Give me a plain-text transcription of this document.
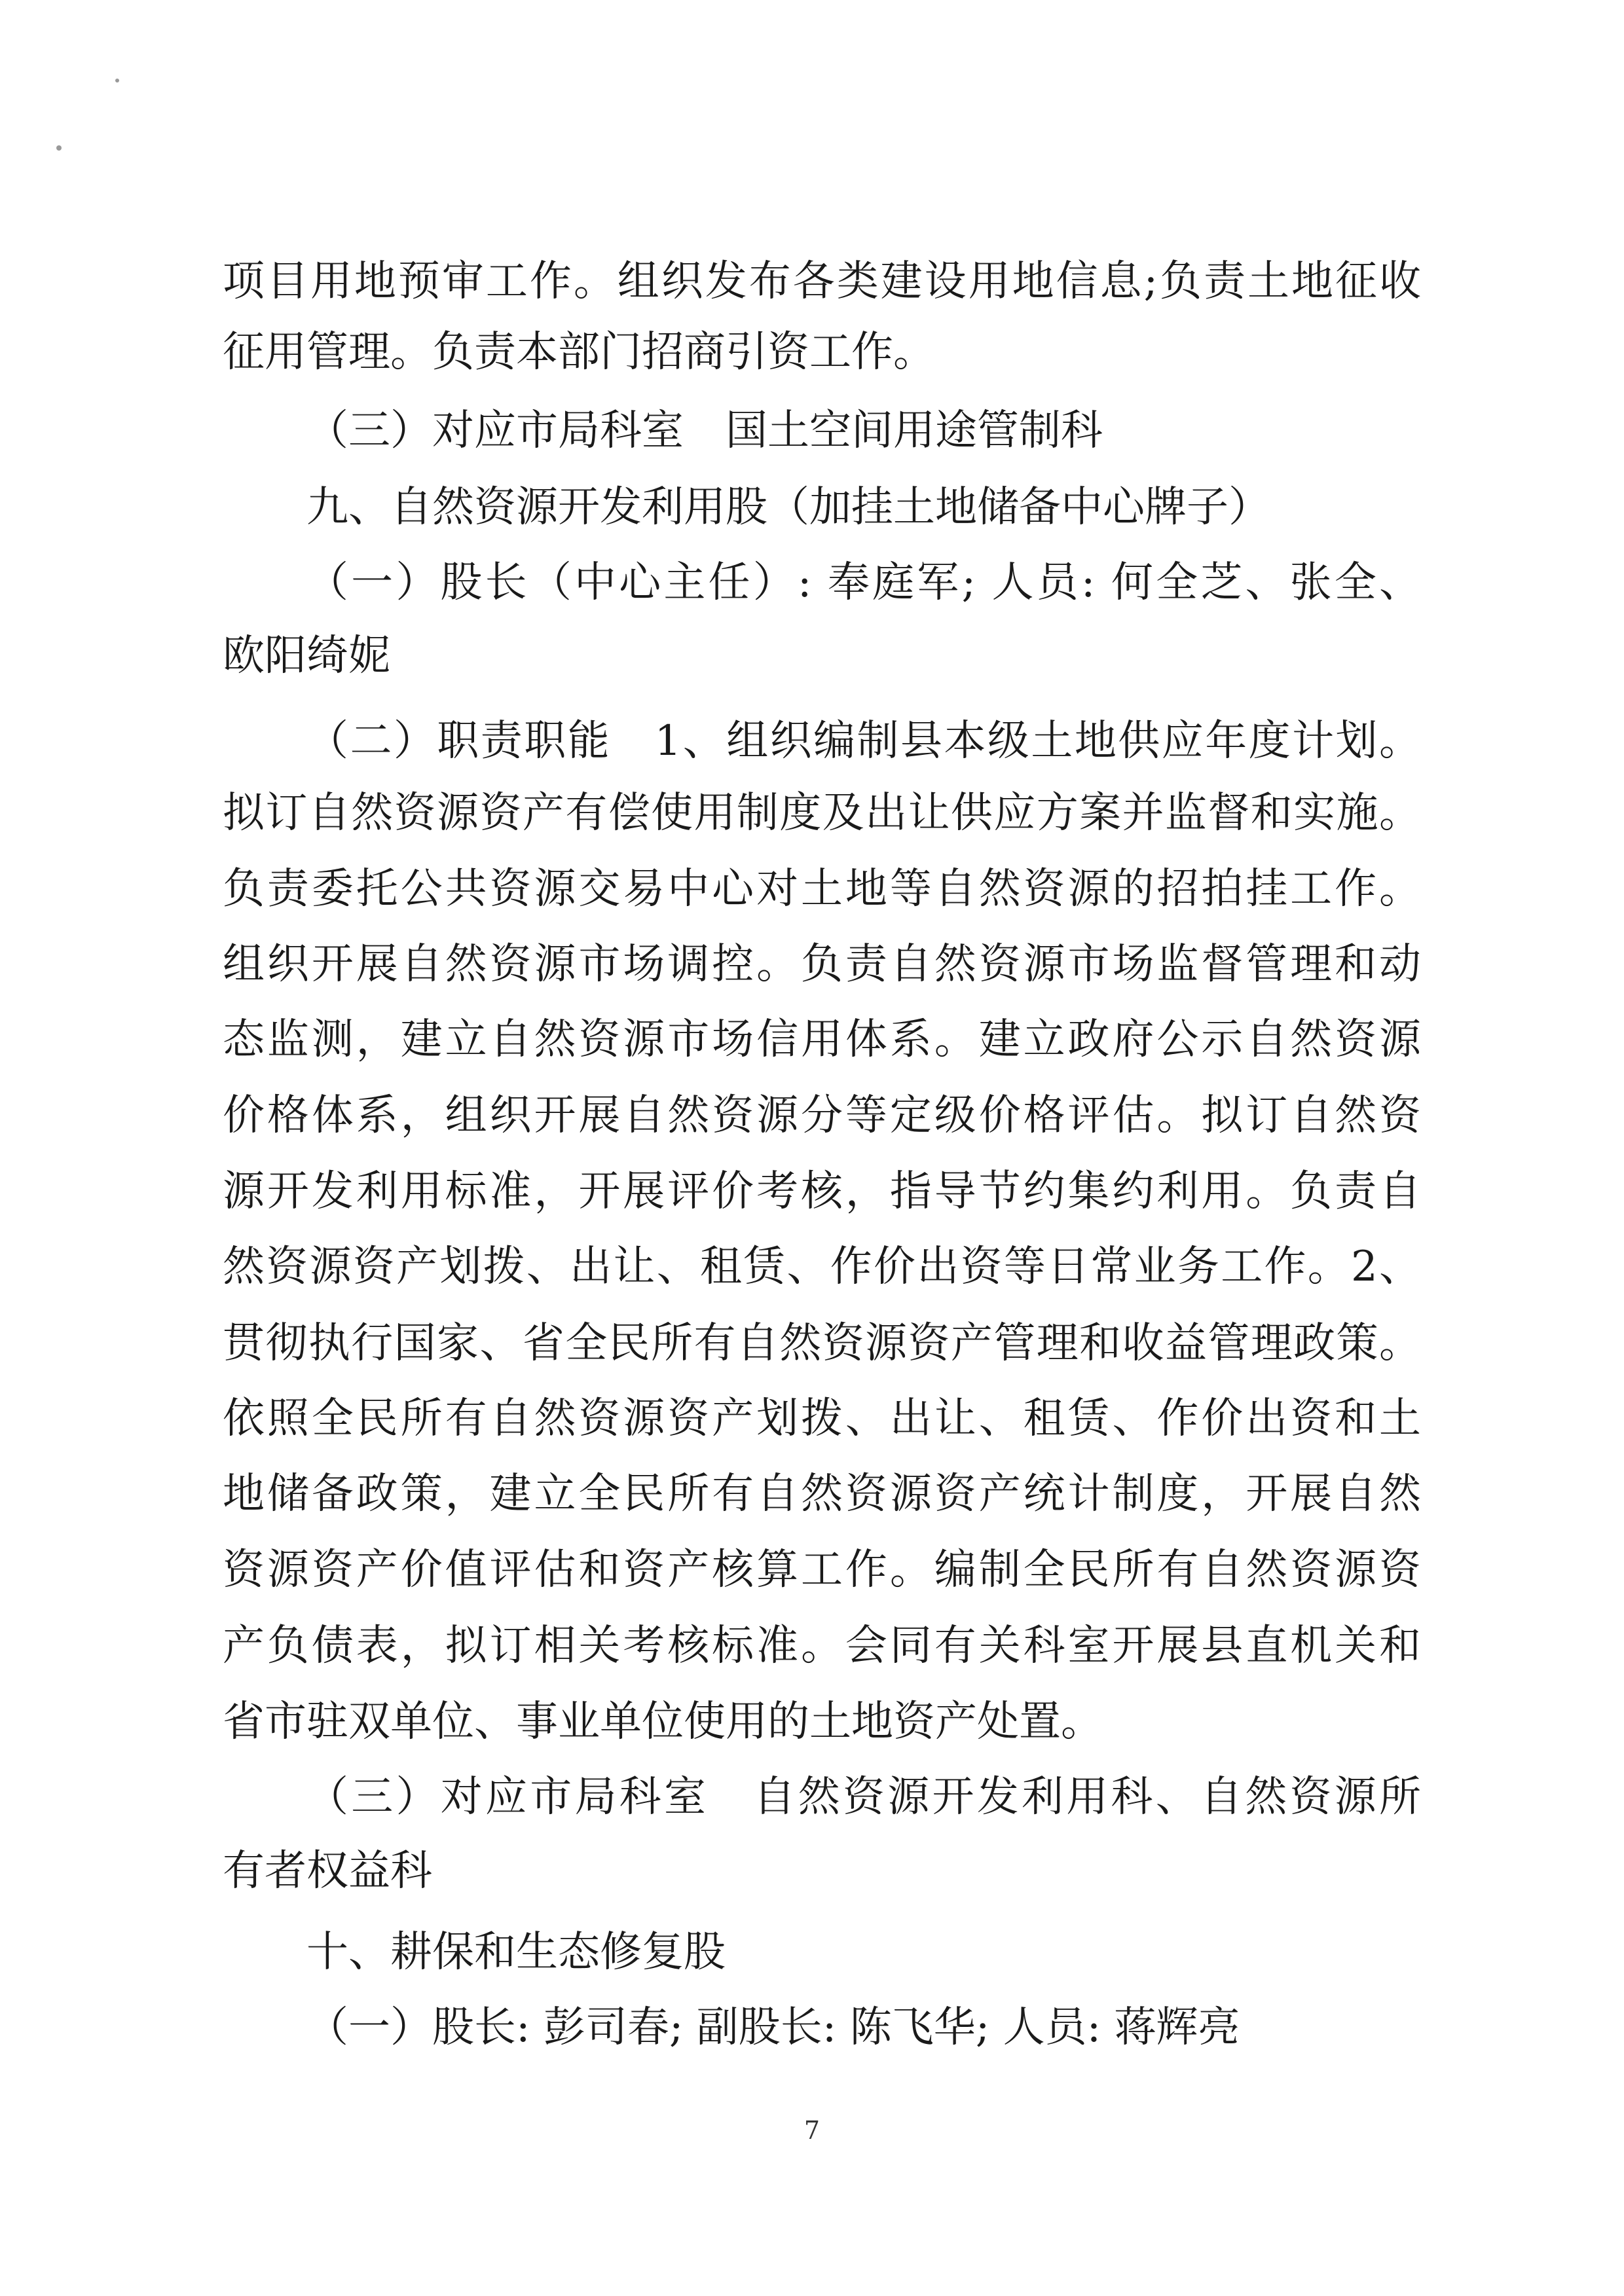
项目用地预审工作。组织发布各类建设用地信息;负责土地征收
征用管理。负责本部门招商引资工作。
（三）对应市局科室　国土空间用途管制科
九、自然资源开发利用股（加挂土地储备中心牌子）
（一）股长（中心主任）: 奉庭军; 人员: 何全芝、张全、
欧阳绮妮
（二）职责职能　1、组织编制县本级土地供应年度计划。
拟订自然资源资产有偿使用制度及出让供应方案并监督和实施。
负责委托公共资源交易中心对土地等自然资源的招拍挂工作。
组织开展自然资源市场调控。负责自然资源市场监督管理和动
态监测，建立自然资源市场信用体系。建立政府公示自然资源
价格体系，组织开展自然资源分等定级价格评估。拟订自然资
源开发利用标准，开展评价考核，指导节约集约利用。负责自
然资源资产划拨、出让、租赁、作价出资等日常业务工作。2、
贯彻执行国家、省全民所有自然资源资产管理和收益管理政策。
依照全民所有自然资源资产划拨、出让、租赁、作价出资和土
地储备政策，建立全民所有自然资源资产统计制度，开展自然
资源资产价值评估和资产核算工作。编制全民所有自然资源资
产负债表，拟订相关考核标准。会同有关科室开展县直机关和
省市驻双单位、事业单位使用的土地资产处置。
（三）对应市局科室　自然资源开发利用科、自然资源所
有者权益科
十、耕保和生态修复股
（一）股长: 彭司春; 副股长: 陈飞华; 人员: 蒋辉亮
7
